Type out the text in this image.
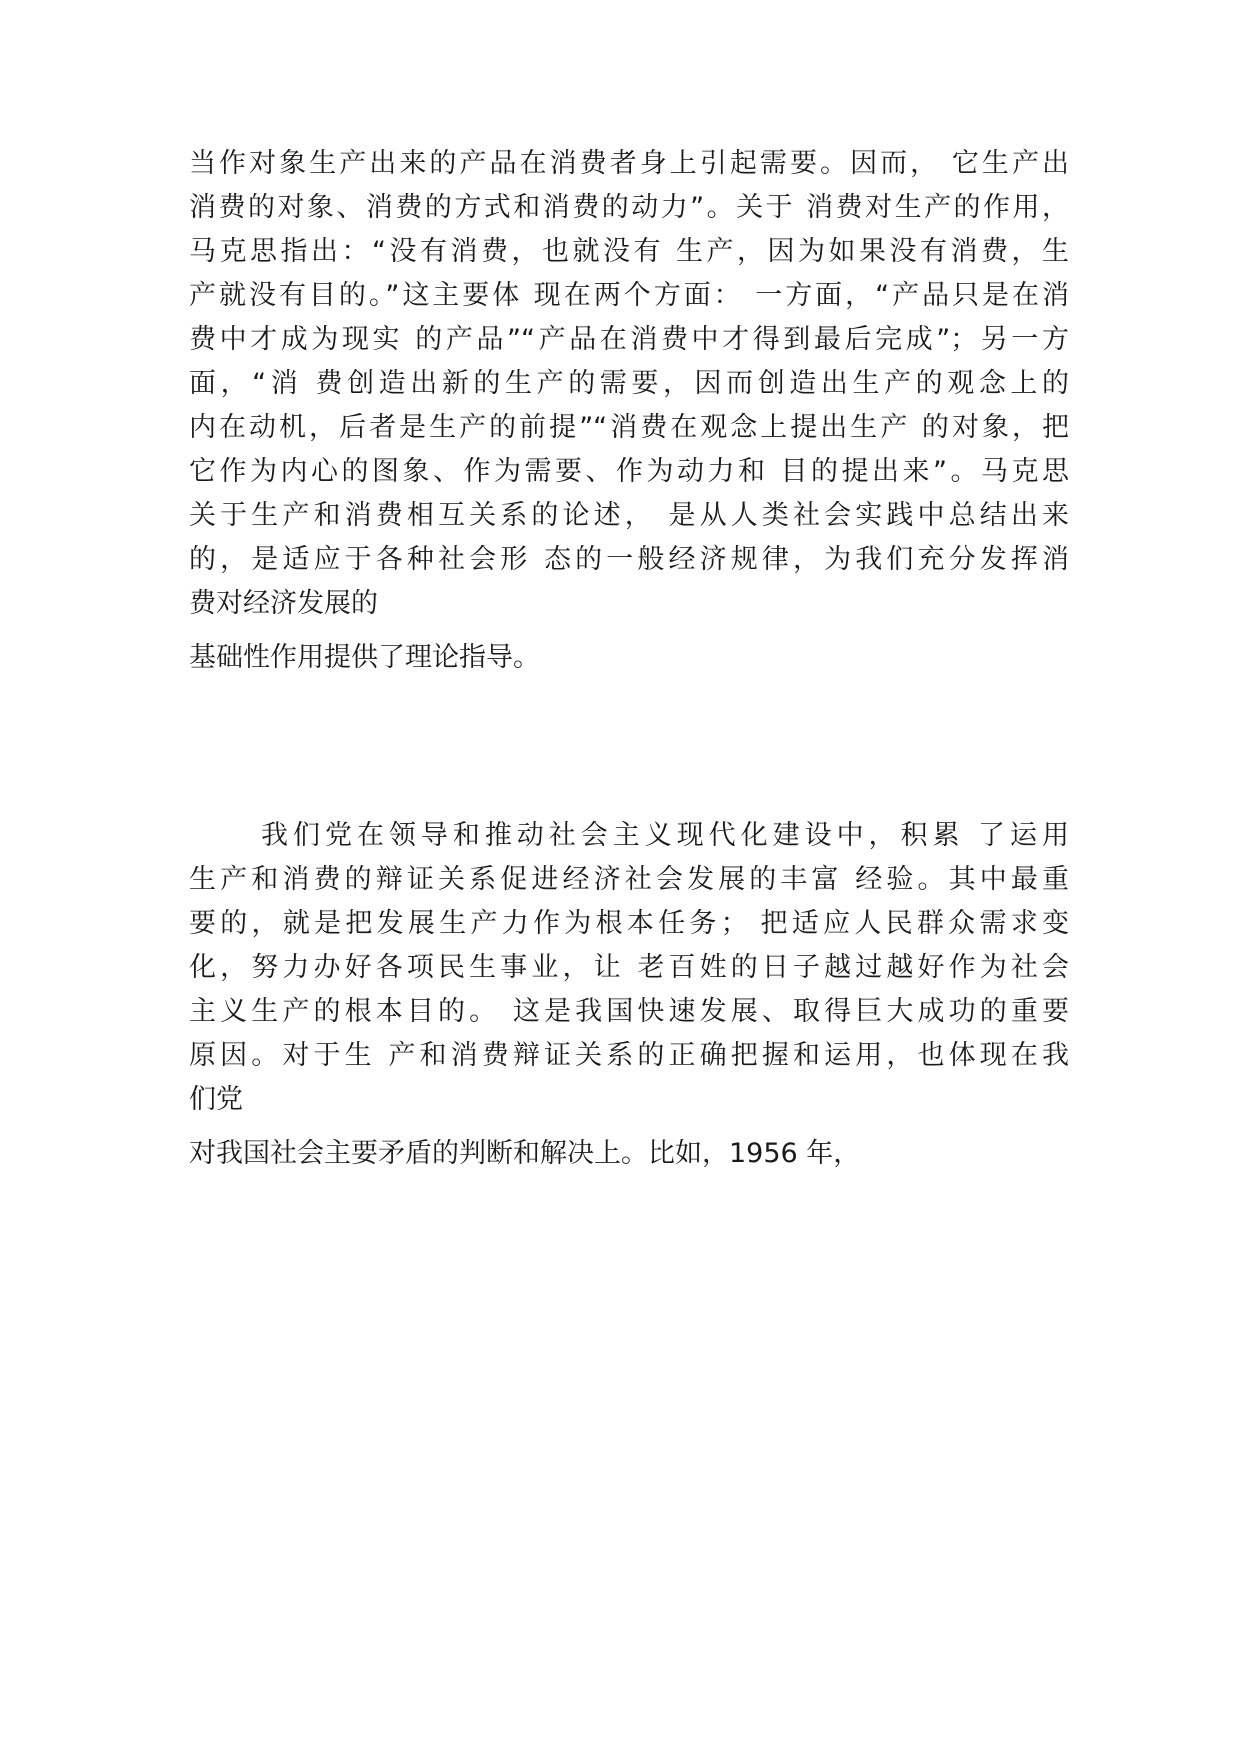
当作对象生产出来的产品在消费者身上引起需要。因而， 它生产出
消费的对象、消费的方式和消费的动力”。关于 消费对生产的作用，
马克思指出：“没有消费，也就没有 生产，因为如果没有消费，生
产就没有目的。”这主要体 现在两个方面： 一方面，“产品只是在消
费中才成为现实 的产品”“产品在消费中才得到最后完成”；另一方
面，“消 费创造出新的生产的需要，因而创造出生产的观念上的
内在动机，后者是生产的前提”“消费在观念上提出生产 的对象，把
它作为内心的图象、作为需要、作为动力和 目的提出来”。马克思
关于生产和消费相互关系的论述， 是从人类社会实践中总结出来
的，是适应于各种社会形 态的一般经济规律，为我们充分发挥消
费对经济发展的
基础性作用提供了理论指导。
我们党在领导和推动社会主义现代化建设中，积累 了运用
生产和消费的辩证关系促进经济社会发展的丰富 经验。其中最重
要的，就是把发展生产力作为根本任务； 把适应人民群众需求变
化，努力办好各项民生事业，让 老百姓的日子越过越好作为社会
主义生产的根本目的。 这是我国快速发展、取得巨大成功的重要
原因。对于生 产和消费辩证关系的正确把握和运用，也体现在我
们党
对我国社会主要矛盾的判断和解决上。比如，1956 年，
